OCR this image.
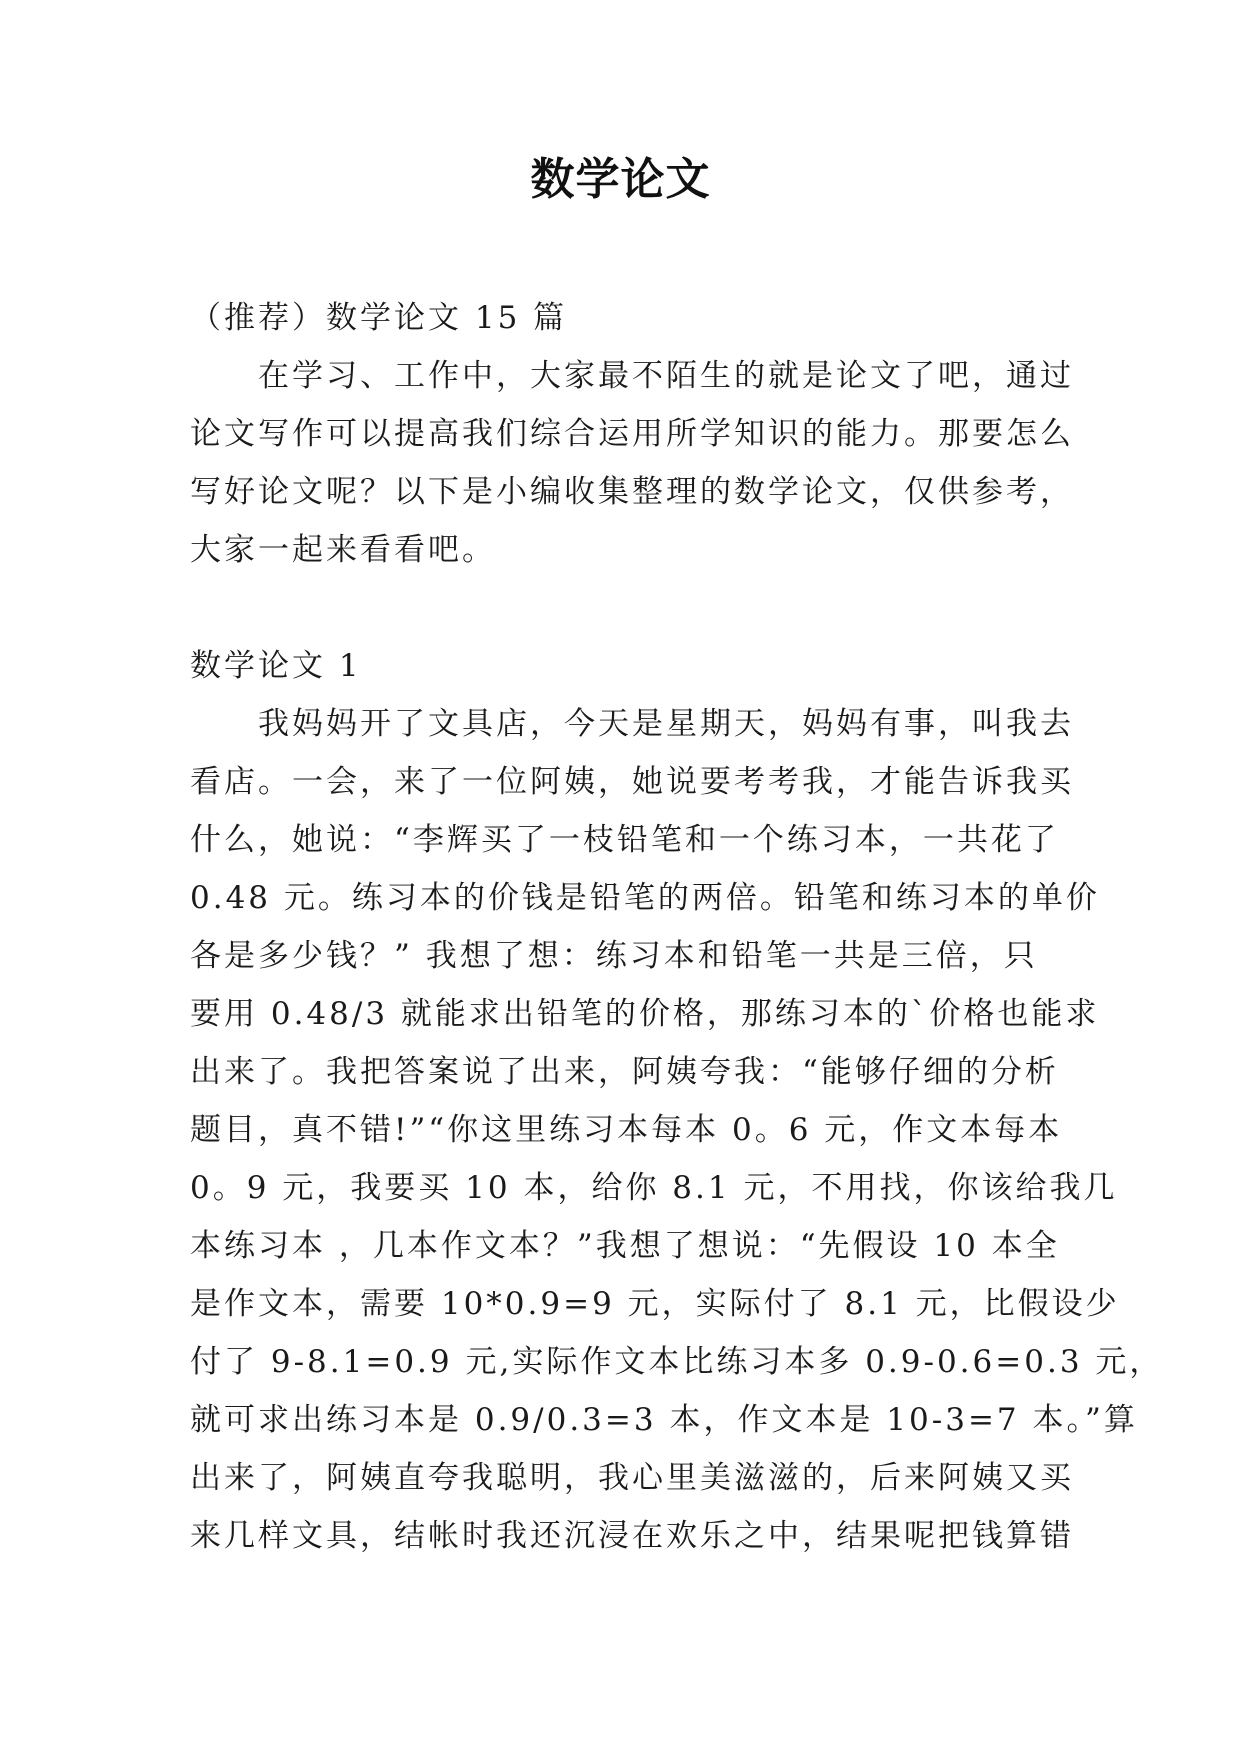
数学论文
（推荐）数学论文 15 篇
在学习、工作中，大家最不陌生的就是论文了吧，通过
论文写作可以提高我们综合运用所学知识的能力。那要怎么
写好论文呢？以下是小编收集整理的数学论文，仅供参考，
大家一起来看看吧。
数学论文 1
我妈妈开了文具店，今天是星期天，妈妈有事，叫我去
看店。一会，来了一位阿姨，她说要考考我，才能告诉我买
什么，她说：“李辉买了一枝铅笔和一个练习本，一共花了
0.48 元。练习本的价钱是铅笔的两倍。铅笔和练习本的单价
各是多少钱？” 我想了想：练习本和铅笔一共是三倍，只
要用 0.48/3 就能求出铅笔的价格，那练习本的`价格也能求
出来了。我把答案说了出来，阿姨夸我：“能够仔细的分析
题目，真不错!”“你这里练习本每本 0。6 元，作文本每本
0。9 元，我要买 10 本，给你 8.1 元，不用找，你该给我几
本练习本 ，几本作文本？”我想了想说：“先假设 10 本全
是作文本，需要 10*0.9=9 元，实际付了 8.1 元，比假设少
付了 9-8.1=0.9 元,实际作文本比练习本多 0.9-0.6=0.3 元，
就可求出练习本是 0.9/0.3=3 本，作文本是 10-3=7 本。”算
出来了，阿姨直夸我聪明，我心里美滋滋的，后来阿姨又买
来几样文具，结帐时我还沉浸在欢乐之中，结果呢把钱算错
